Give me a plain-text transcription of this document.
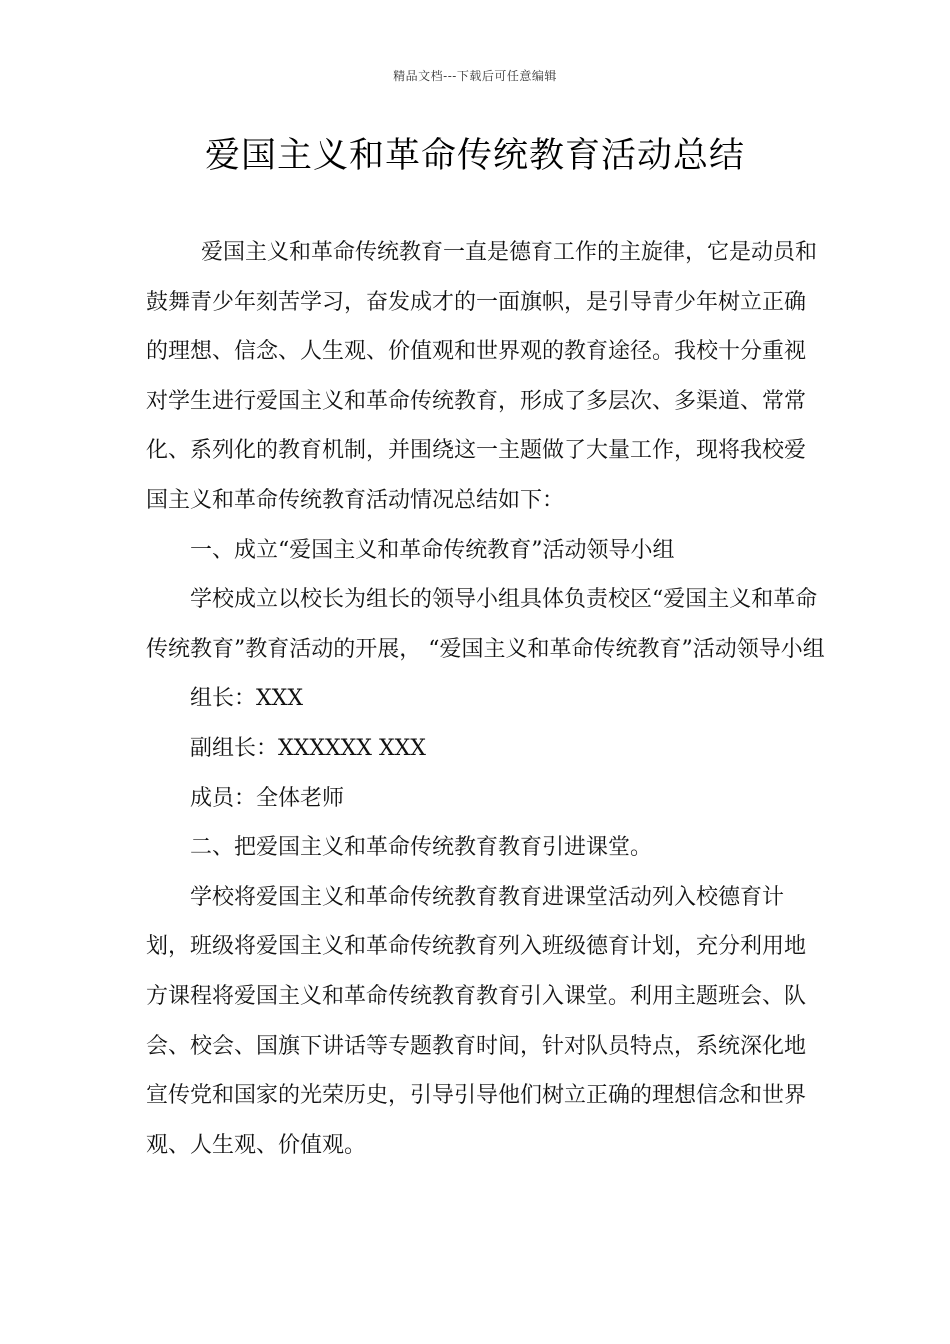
精品文档---下载后可任意编辑
爱国主义和革命传统教育活动总结

爱国主义和革命传统教育一直是德育工作的主旋律，它是动员和鼓舞青少年刻苦学习，奋发成才的一面旗帜，是引导青少年树立正确的理想、信念、人生观、价值观和世界观的教育途径。我校十分重视对学生进行爱国主义和革命传统教育，形成了多层次、多渠道、常常化、系列化的教育机制，并围绕这一主题做了大量工作，现将我校爱国主义和革命传统教育活动情况总结如下：

一、成立“爱国主义和革命传统教育”活动领导小组

学校成立以校长为组长的领导小组具体负责校区“爱国主义和革命传统教育”教育活动的开展， “爱国主义和革命传统教育”活动领导小组

组长：XXX

副组长：XXXXXX XXX

成员：全体老师

二、把爱国主义和革命传统教育教育引进课堂。

学校将爱国主义和革命传统教育教育进课堂活动列入校德育计划，班级将爱国主义和革命传统教育列入班级德育计划，充分利用地方课程将爱国主义和革命传统教育教育引入课堂。利用主题班会、队会、校会、国旗下讲话等专题教育时间，针对队员特点，系统深化地宣传党和国家的光荣历史，引导引导他们树立正确的理想信念和世界观、人生观、价值观。
